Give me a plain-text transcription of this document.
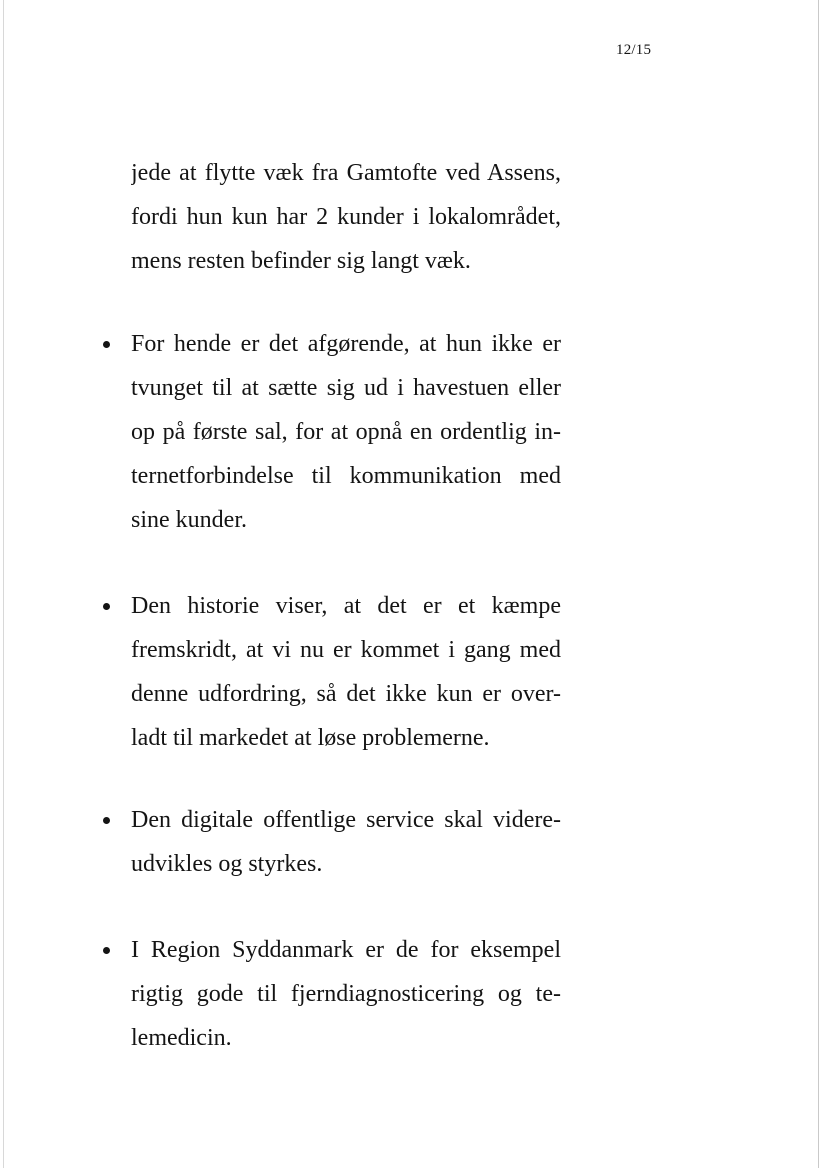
12/15
jede at flytte væk fra Gamtofte ved Assens,
fordi hun kun har 2 kunder i lokalområdet,
mens resten befinder sig langt væk.
For hende er det afgørende, at hun ikke er
tvunget til at sætte sig ud i havestuen eller
op på første sal, for at opnå en ordentlig in-
ternetforbindelse til kommunikation med
sine kunder.
Den historie viser, at det er et kæmpe
fremskridt, at vi nu er kommet i gang med
denne udfordring, så det ikke kun er over-
ladt til markedet at løse problemerne.
Den digitale offentlige service skal videre-
udvikles og styrkes.
I Region Syddanmark er de for eksempel
rigtig gode til fjerndiagnosticering og te-
lemedicin.
